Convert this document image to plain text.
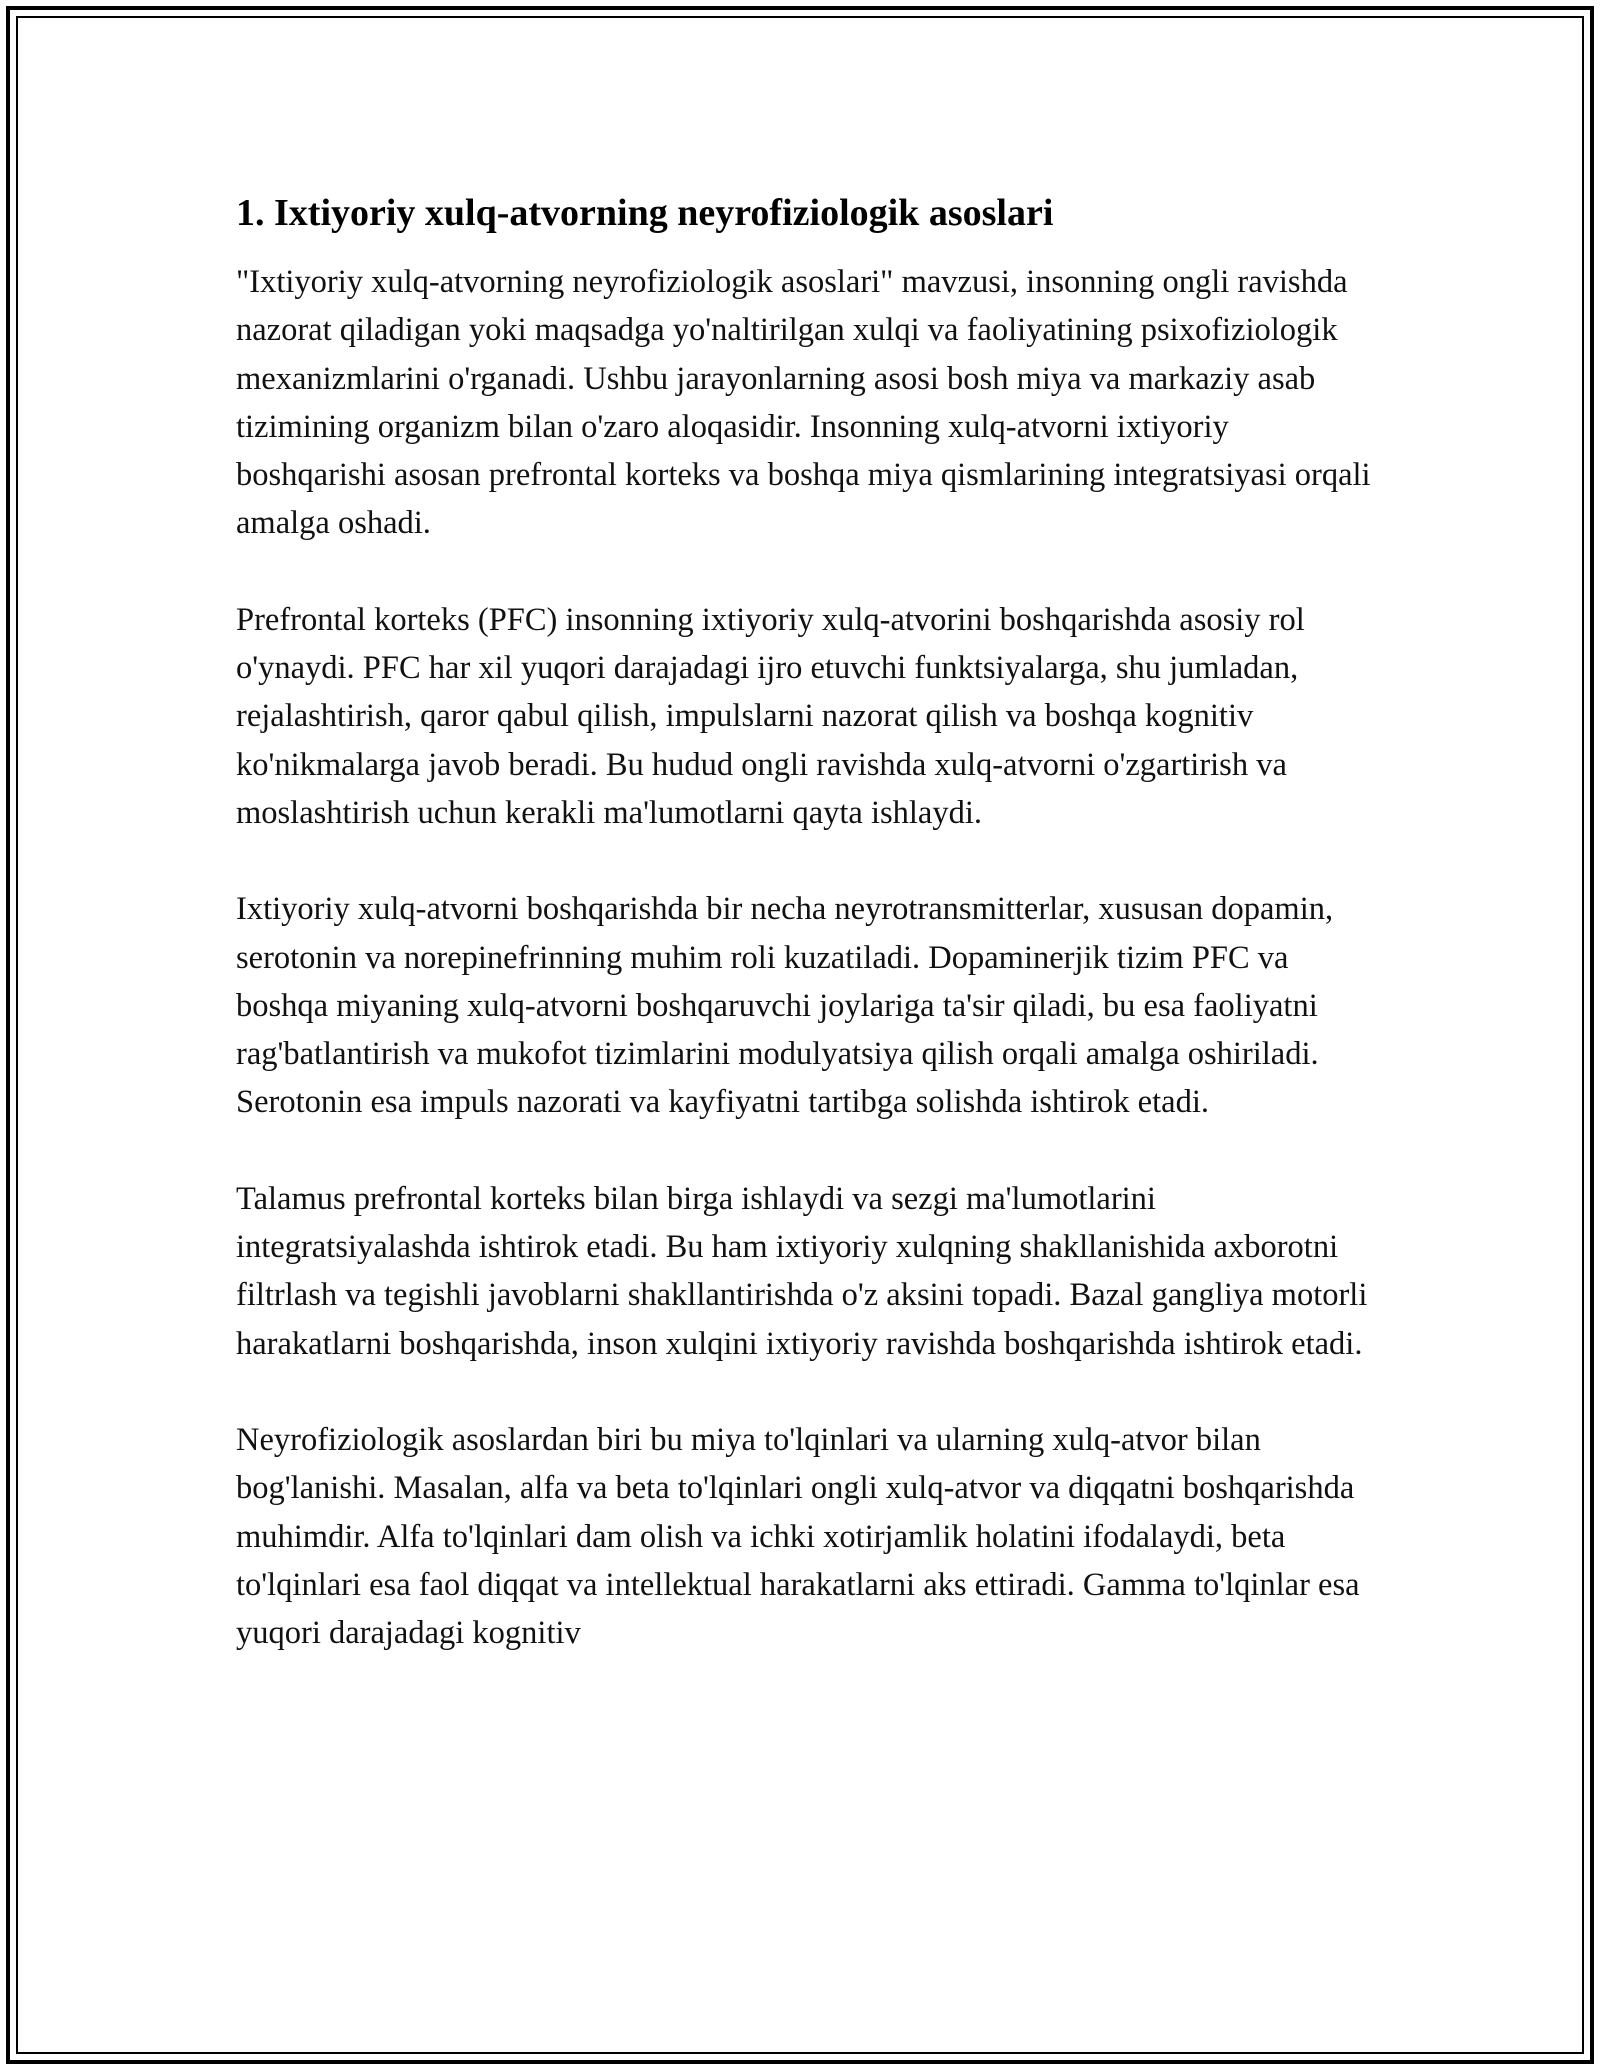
1. Ixtiyoriy xulq-atvorning neyrofiziologik asoslari

"Ixtiyoriy xulq-atvorning neyrofiziologik asoslari" mavzusi, insonning ongli ravishda nazorat qiladigan yoki maqsadga yo'naltirilgan xulqi va faoliyatining psixofiziologik mexanizmlarini o'rganadi. Ushbu jarayonlarning asosi bosh miya va markaziy asab tizimining organizm bilan o'zaro aloqasidir. Insonning xulq-atvorni ixtiyoriy boshqarishi asosan prefrontal korteks va boshqa miya qismlarining integratsiyasi orqali amalga oshadi.

Prefrontal korteks (PFC) insonning ixtiyoriy xulq-atvorini boshqarishda asosiy rol o'ynaydi. PFC har xil yuqori darajadagi ijro etuvchi funktsiyalarga, shu jumladan, rejalashtirish, qaror qabul qilish, impulslarni nazorat qilish va boshqa kognitiv ko'nikmalarga javob beradi. Bu hudud ongli ravishda xulq-atvorni o'zgartirish va moslashtirish uchun kerakli ma'lumotlarni qayta ishlaydi.

Ixtiyoriy xulq-atvorni boshqarishda bir necha neyrotransmitterlar, xususan dopamin, serotonin va norepinefrinning muhim roli kuzatiladi. Dopaminerjik tizim PFC va boshqa miyaning xulq-atvorni boshqaruvchi joylariga ta'sir qiladi, bu esa faoliyatni rag'batlantirish va mukofot tizimlarini modulyatsiya qilish orqali amalga oshiriladi. Serotonin esa impuls nazorati va kayfiyatni tartibga solishda ishtirok etadi.

Talamus prefrontal korteks bilan birga ishlaydi va sezgi ma'lumotlarini integratsiyalashda ishtirok etadi. Bu ham ixtiyoriy xulqning shakllanishida axborotni filtrlash va tegishli javoblarni shakllantirishda o'z aksini topadi. Bazal gangliya motorli harakatlarni boshqarishda, inson xulqini ixtiyoriy ravishda boshqarishda ishtirok etadi.

Neyrofiziologik asoslardan biri bu miya to'lqinlari va ularning xulq-atvor bilan bog'lanishi. Masalan, alfa va beta to'lqinlari ongli xulq-atvor va diqqatni boshqarishda muhimdir. Alfa to'lqinlari dam olish va ichki xotirjamlik holatini ifodalaydi, beta to'lqinlari esa faol diqqat va intellektual harakatlarni aks ettiradi. Gamma to'lqinlar esa yuqori darajadagi kognitiv
